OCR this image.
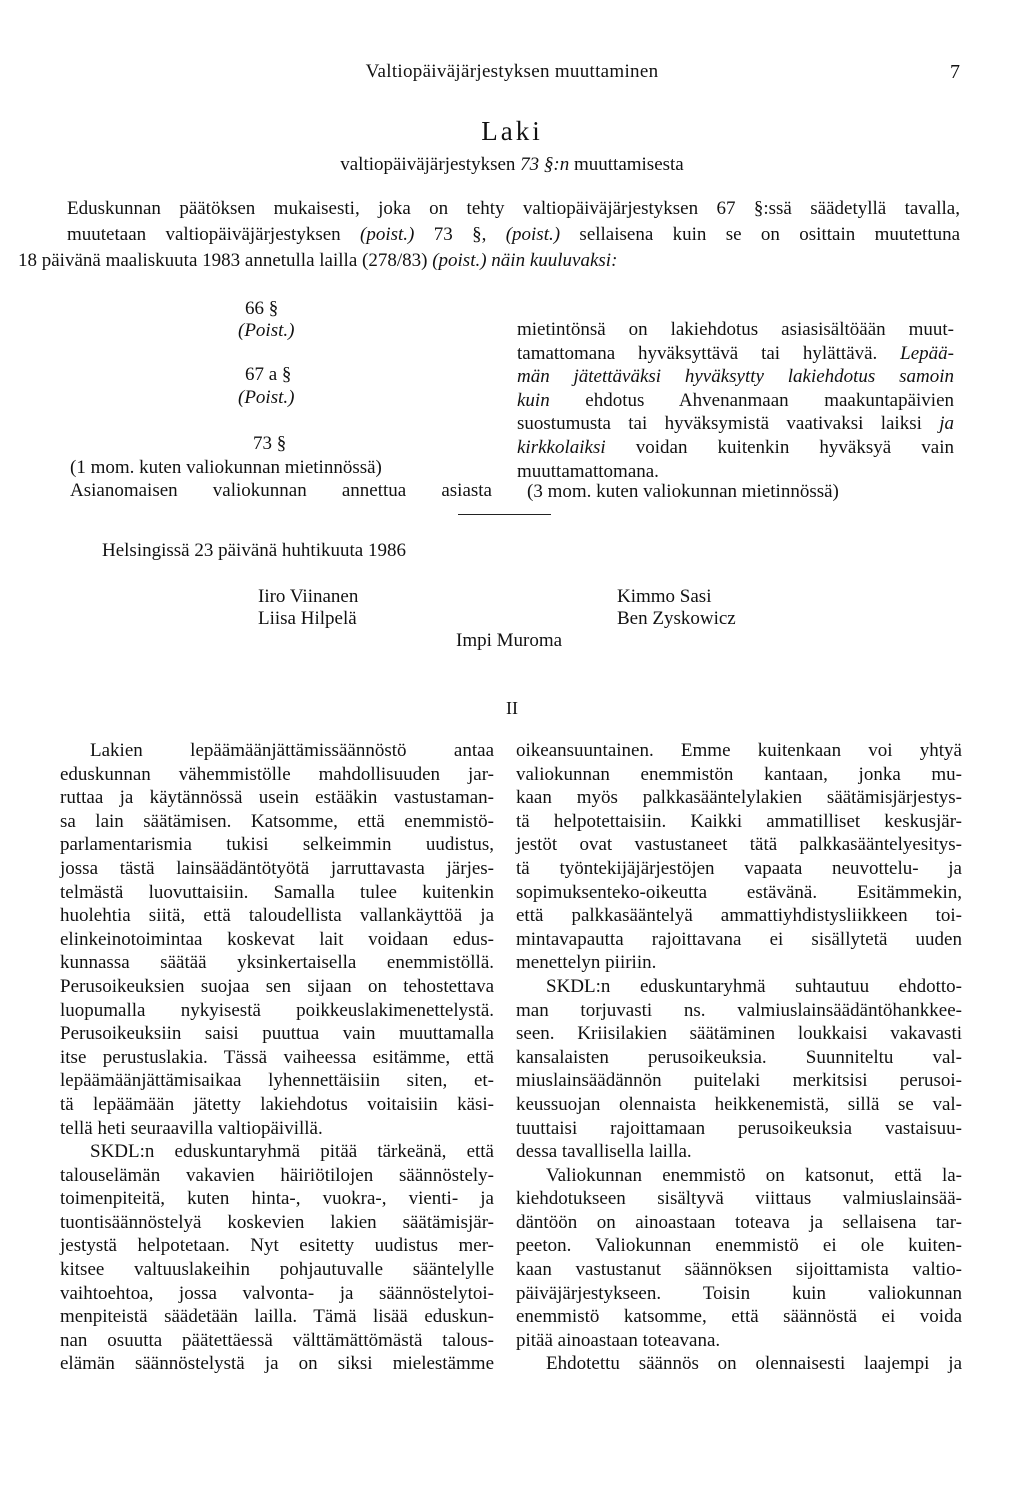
Valtiopäiväjärjestyksen muuttaminen	7
Laki
valtiopäiväjärjestyksen 73 §:n muuttamisesta
Eduskunnan päätöksen mukaisesti, joka on tehty valtiopäiväjärjestyksen 67 §:ssä säädetyllä tavalla,
muutetaan valtiopäiväjärjestyksen (poist.) 73 §, (poist.) sellaisena kuin se on osittain muutettuna
18 päivänä maaliskuuta 1983 annetulla lailla (278/83) (poist.) näin kuuluvaksi:
66 §
(Poist.)
67 a §
(Poist.)
73 §
(1 mom. kuten valiokunnan mietinnössä)
Asianomaisen valiokunnan annettua asiasta
mietintönsä on lakiehdotus asiasisältöään muut-
tamattomana hyväksyttävä tai hylättävä. Lepää-
män jätettäväksi hyväksytty lakiehdotus samoin
kuin ehdotus Ahvenanmaan maakuntapäivien
suostumusta tai hyväksymistä vaativaksi laiksi ja
kirkkolaiksi voidan kuitenkin hyväksyä vain
muuttamattomana.
(3 mom. kuten valiokunnan mietinnössä)
Helsingissä 23 päivänä huhtikuuta 1986
Iiro Viinanen
Liisa Hilpelä
Impi Muroma
Kimmo Sasi
Ben Zyskowicz
II
Lakien lepäämäänjättämissäännöstö antaa
eduskunnan vähemmistölle mahdollisuuden jar-
ruttaa ja käytännössä usein estääkin vastustaman-
sa lain säätämisen. Katsomme, että enemmistö-
parlamentarismia tukisi selkeimmin uudistus,
jossa tästä lainsäädäntötyötä jarruttavasta järjes-
telmästä luovuttaisiin. Samalla tulee kuitenkin
huolehtia siitä, että taloudellista vallankäyttöä ja
elinkeinotoimintaa koskevat lait voidaan edus-
kunnassa säätää yksinkertaisella enemmistöllä.
Perusoikeuksien suojaa sen sijaan on tehostettava
luopumalla nykyisestä poikkeuslakimenettelystä.
Perusoikeuksiin saisi puuttua vain muuttamalla
itse perustuslakia. Tässä vaiheessa esitämme, että
lepäämäänjättämisaikaa lyhennettäisiin siten, et-
tä lepäämään jätetty lakiehdotus voitaisiin käsi-
tellä heti seuraavilla valtiopäivillä.
SKDL:n eduskuntaryhmä pitää tärkeänä, että
talouselämän vakavien häiriötilojen säännöstely-
toimenpiteitä, kuten hinta-, vuokra-, vienti- ja
tuontisäännöstelyä koskevien lakien säätämisjär-
jestystä helpotetaan. Nyt esitetty uudistus mer-
kitsee valtuuslakeihin pohjautuvalle sääntelylle
vaihtoehtoa, jossa valvonta- ja säännöstelytoi-
menpiteistä säädetään lailla. Tämä lisää eduskun-
nan osuutta päätettäessä välttämättömästä talous-
elämän säännöstelystä ja on siksi mielestämme
oikeansuuntainen. Emme kuitenkaan voi yhtyä
valiokunnan enemmistön kantaan, jonka mu-
kaan myös palkkasääntelylakien säätämisjärjestys-
tä helpotettaisiin. Kaikki ammatilliset keskusjär-
jestöt ovat vastustaneet tätä palkkasääntelyesitys-
tä työntekijäjärjestöjen vapaata neuvottelu- ja
sopimuksenteko-oikeutta estävänä. Esitämmekin,
että palkkasääntelyä ammattiyhdistysliikkeen toi-
mintavapautta rajoittavana ei sisällytetä uuden
menettelyn piiriin.
SKDL:n eduskuntaryhmä suhtautuu ehdotto-
man torjuvasti ns. valmiuslainsäädäntöhankkee-
seen. Kriisilakien säätäminen loukkaisi vakavasti
kansalaisten perusoikeuksia. Suunniteltu val-
miuslainsäädännön puitelaki merkitsisi perusoi-
keussuojan olennaista heikkenemistä, sillä se val-
tuuttaisi rajoittamaan perusoikeuksia vastaisuu-
dessa tavallisella lailla.
Valiokunnan enemmistö on katsonut, että la-
kiehdotukseen sisältyvä viittaus valmiuslainsää-
däntöön on ainoastaan toteava ja sellaisena tar-
peeton. Valiokunnan enemmistö ei ole kuiten-
kaan vastustanut säännöksen sijoittamista valtio-
päiväjärjestykseen. Toisin kuin valiokunnan
enemmistö katsomme, että säännöstä ei voida
pitää ainoastaan toteavana.
Ehdotettu säännös on olennaisesti laajempi ja
